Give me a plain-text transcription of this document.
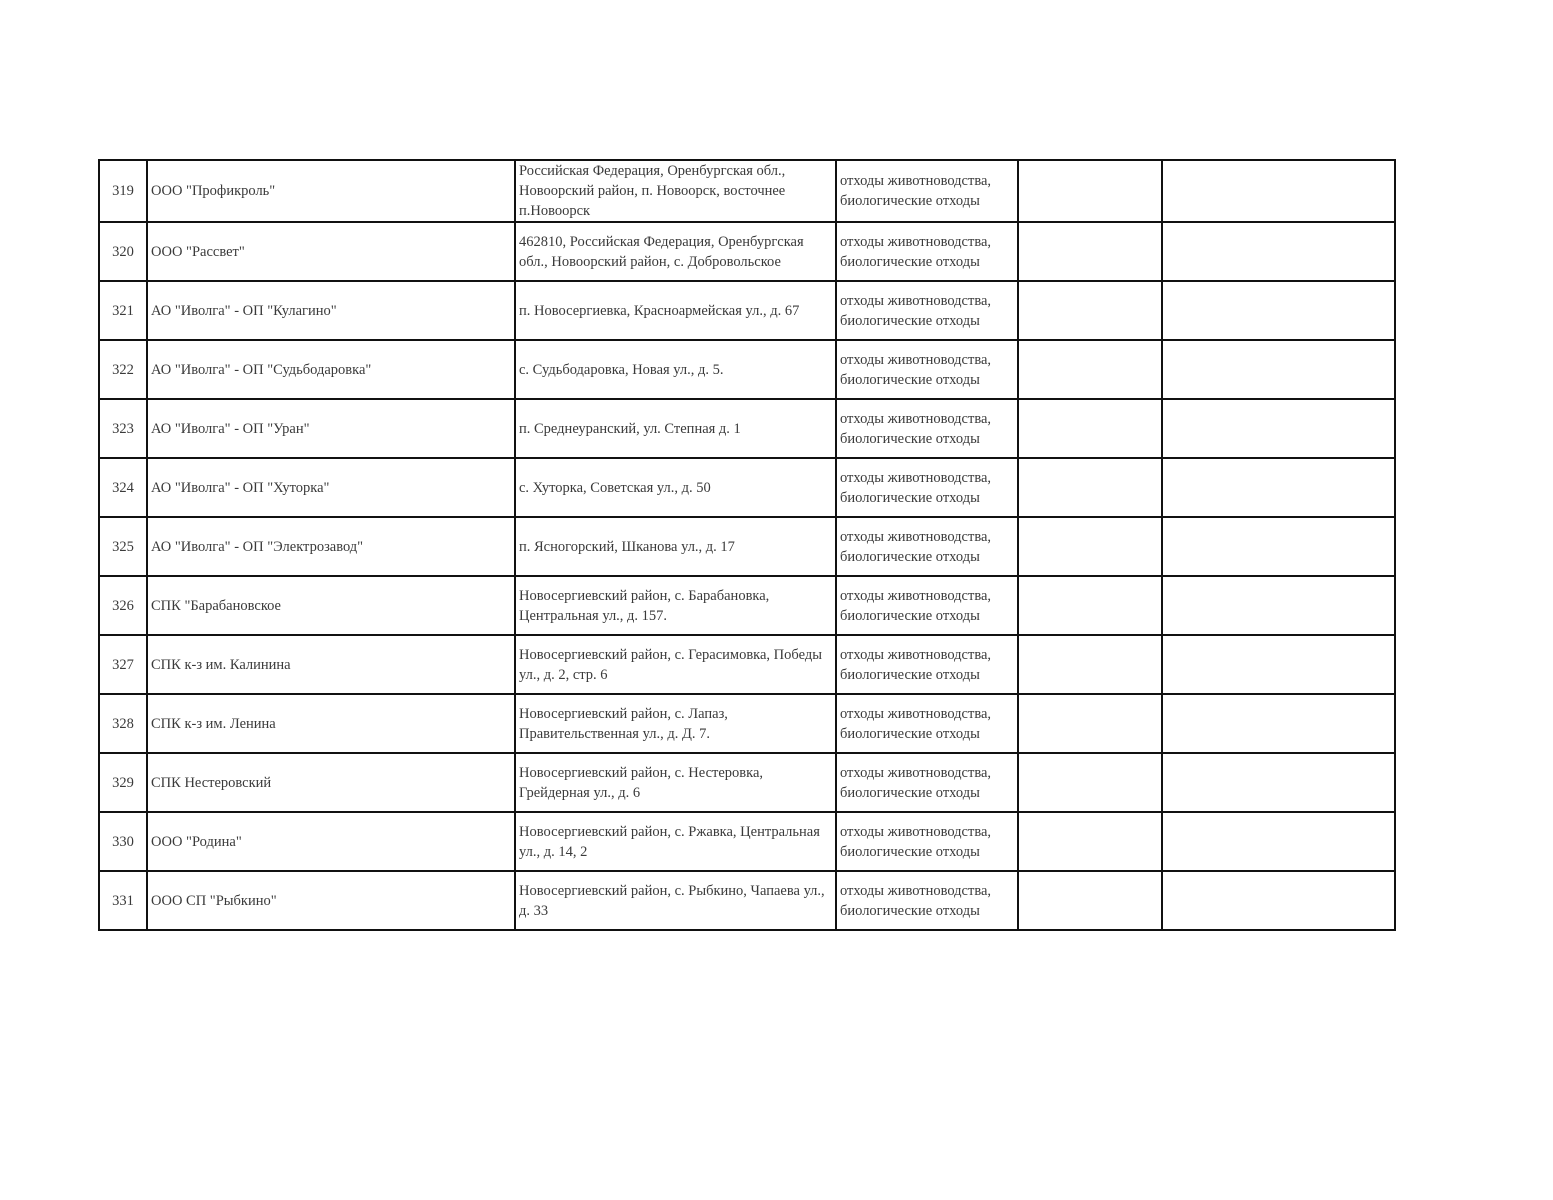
319	ООО "Профикроль"	Российская Федерация, Оренбургская обл., Новоорский район, п. Новоорск, восточнее п.Новоорск	отходы животноводства, биологические отходы		
320	ООО "Рассвет"	462810, Российская Федерация, Оренбургская обл., Новоорский район, с. Добровольское	отходы животноводства, биологические отходы		
321	АО "Иволга" - ОП "Кулагино"	п. Новосергиевка, Красноармейская ул., д. 67	отходы животноводства, биологические отходы		
322	АО "Иволга" - ОП "Судьбодаровка"	с. Судьбодаровка, Новая ул., д. 5.	отходы животноводства, биологические отходы		
323	АО "Иволга" - ОП "Уран"	п. Среднеуранский, ул. Степная д. 1	отходы животноводства, биологические отходы		
324	АО "Иволга" - ОП "Хуторка"	с. Хуторка, Советская ул., д. 50	отходы животноводства, биологические отходы		
325	АО "Иволга" - ОП "Электрозавод"	п. Ясногорский, Шканова ул., д. 17	отходы животноводства, биологические отходы		
326	СПК "Барабановское	Новосергиевский район, с. Барабановка, Центральная ул., д. 157.	отходы животноводства, биологические отходы		
327	СПК к-з им. Калинина	Новосергиевский район, с. Герасимовка, Победы ул., д. 2, стр. 6	отходы животноводства, биологические отходы		
328	СПК к-з им. Ленина	Новосергиевский район, с. Лапаз, Правительственная ул., д. Д. 7.	отходы животноводства, биологические отходы		
329	СПК Нестеровский	Новосергиевский район, с. Нестеровка, Грейдерная ул., д. 6	отходы животноводства, биологические отходы		
330	ООО "Родина"	Новосергиевский район, с. Ржавка, Центральная ул., д. 14, 2	отходы животноводства, биологические отходы		
331	ООО СП "Рыбкино"	Новосергиевский район, с. Рыбкино, Чапаева ул., д. 33	отходы животноводства, биологические отходы		
